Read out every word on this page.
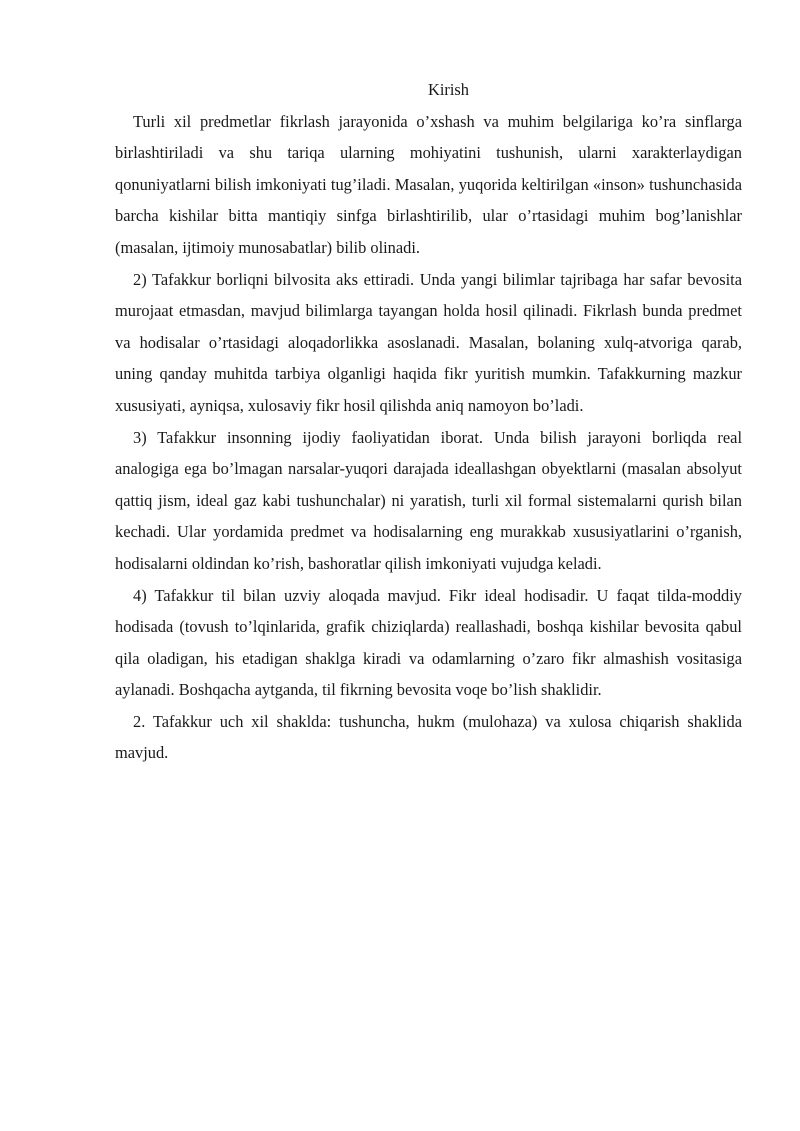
Kirish

Turli xil predmetlar fikrlash jarayonida o’xshash va muhim belgilariga ko’ra sinflarga birlashtiriladi va shu tariqa ularning mohiyatini tushunish, ularni xarakterlaydigan qonuniyatlarni bilish imkoniyati tug’iladi. Masalan, yuqorida keltirilgan «inson» tushunchasida barcha kishilar bitta mantiqiy sinfga birlashtirilib, ular o’rtasidagi muhim bog’lanishlar (masalan, ijtimoiy munosabatlar) bilib olinadi.

2) Tafakkur borliqni bilvosita aks ettiradi. Unda yangi bilimlar tajribaga har safar bevosita murojaat etmasdan, mavjud bilimlarga tayangan holda hosil qilinadi. Fikrlash bunda predmet va hodisalar o’rtasidagi aloqadorlikka asoslanadi. Masalan, bolaning xulq-atvoriga qarab, uning qanday muhitda tarbiya olganligi haqida fikr yuritish mumkin. Tafakkurning mazkur xususiyati, ayniqsa, xulosaviy fikr hosil qilishda aniq namoyon bo’ladi.

3) Tafakkur insonning ijodiy faoliyatidan iborat. Unda bilish jarayoni borliqda real analogiga ega bo’lmagan narsalar-yuqori darajada ideallashgan obyektlarni (masalan absolyut qattiq jism, ideal gaz kabi tushunchalar) ni yaratish, turli xil formal sistemalarni qurish bilan kechadi. Ular yordamida predmet va hodisalarning eng murakkab xususiyatlarini o’rganish, hodisalarni oldindan ko’rish, bashoratlar qilish imkoniyati vujudga keladi.

4) Tafakkur til bilan uzviy aloqada mavjud. Fikr ideal hodisadir. U faqat tilda-moddiy hodisada (tovush to’lqinlarida, grafik chiziqlarda) reallashadi, boshqa kishilar bevosita qabul qila oladigan, his etadigan shaklga kiradi va odamlarning o’zaro fikr almashish vositasiga aylanadi. Boshqacha aytganda, til fikrning bevosita voqe bo’lish shaklidir.

2. Tafakkur uch xil shaklda: tushuncha, hukm (mulohaza) va xulosa chiqarish shaklida mavjud.
